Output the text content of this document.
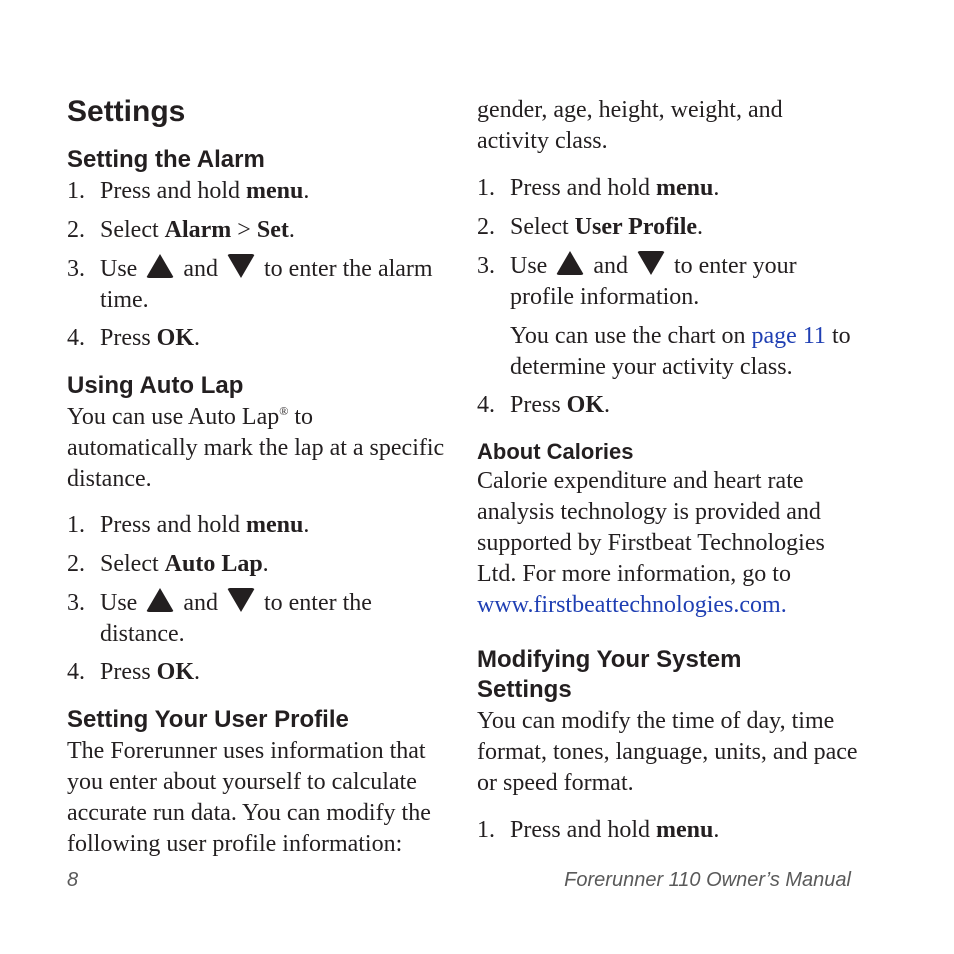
Settings
Setting the Alarm

1. Press and hold menu.

2. Select Alarm > Set.

3. Use  and  to enter the alarm time.

4. Press OK.

Using Auto Lap

You can use Auto Lap® to automatically mark the lap at a specific distance.

1. Press and hold menu.

2. Select Auto Lap.

3. Use  and  to enter the distance.

4. Press OK.

Setting Your User Profile

The Forerunner uses information that you enter about yourself to calculate accurate run data. You can modify the following user profile information:

8

gender, age, height, weight, and activity class.

1. Press and hold menu.

2. Select User Profile.

3. Use  and  to enter your profile information.

You can use the chart on page 11 to determine your activity class.

4. Press OK.

About Calories

Calorie expenditure and heart rate analysis technology is provided and supported by Firstbeat Technologies Ltd. For more information, go to www.firstbeattechnologies.com.

Modifying Your System Settings

You can modify the time of day, time format, tones, language, units, and pace or speed format.

1. Press and hold menu.

Forerunner 110 Owner’s Manual
